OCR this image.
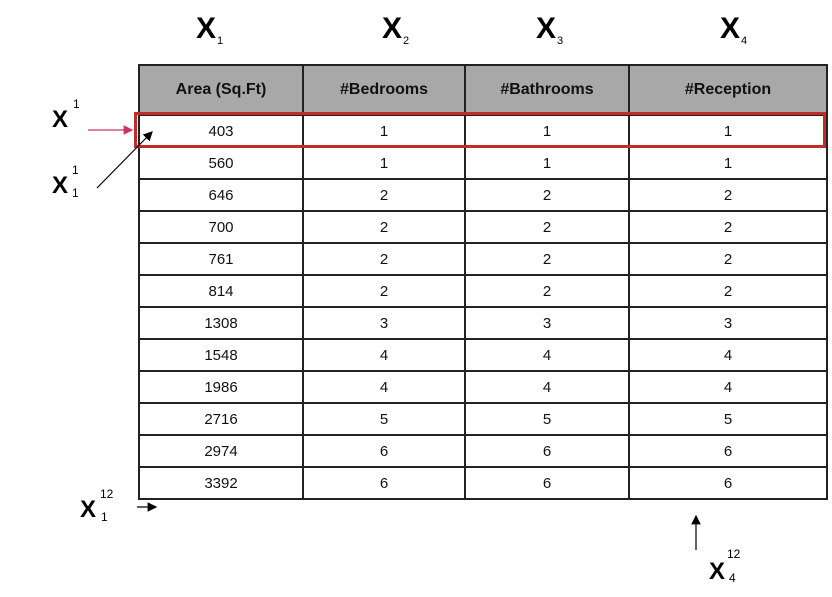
$X_1$	$X_2$	$X_3$	$X_4$
Area (Sq.Ft)	#Bedrooms	#Bathrooms	#Reception
403	1	1	1
560	1	1	1
646	2	2	2
700	2	2	2
761	2	2	2
814	2	2	2
1308	3	3	3
1548	4	4	4
1986	4	4	4
2716	5	5	5
2974	6	6	6
3392	6	6	6
X
1
X
1
1
X
12
1
X
12
4
